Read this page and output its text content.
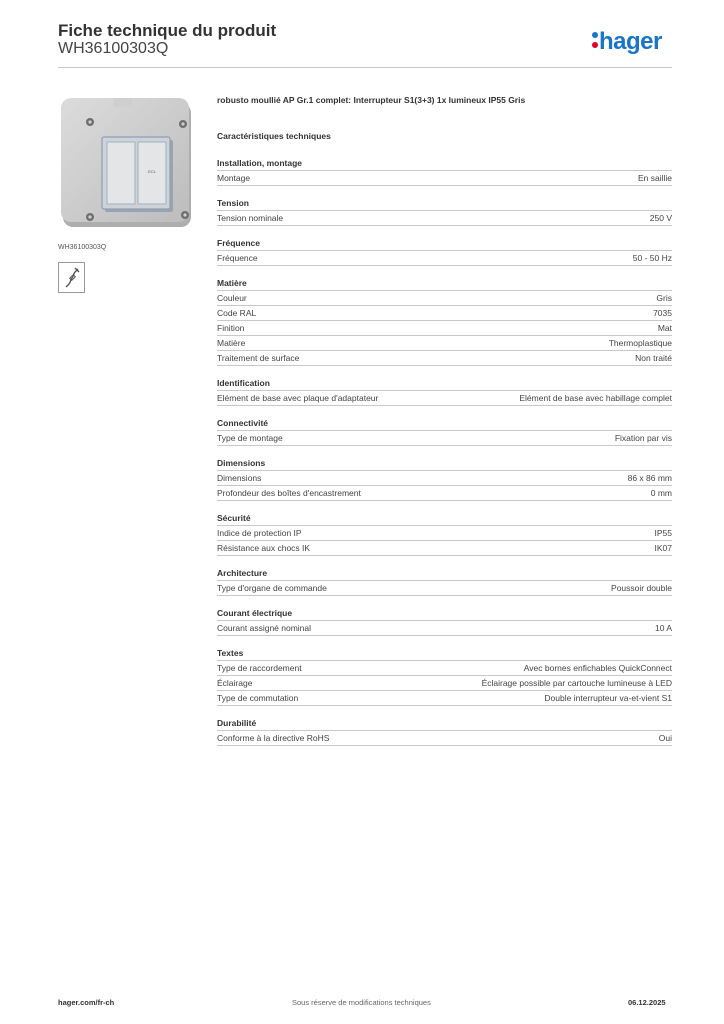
Fiche technique du produit
WH36100303Q	hager
ECL
WH36100303Q
robusto moullié AP Gr.1 complet: Interrupteur S1(3+3) 1x lumineux IP55 Gris
Caractéristiques techniques
Installation, montage
Montage	En saillie
Tension
Tension nominale	250 V
Fréquence
Fréquence	50 - 50 Hz
Matière
Couleur	Gris
Code RAL	7035
Finition	Mat
Matière	Thermoplastique
Traitement de surface	Non traité
Identification
Elément de base avec plaque d'adaptateur	Elément de base avec habillage complet
Connectivité
Type de montage	Fixation par vis
Dimensions
Dimensions	86 x 86 mm
Profondeur des boîtes d'encastrement	0 mm
Sécurité
Indice de protection IP	IP55
Résistance aux chocs IK	IK07
Architecture
Type d'organe de commande	Poussoir double
Courant électrique
Courant assigné nominal	10 A
Textes
Type de raccordement	Avec bornes enfichables QuickConnect
Éclairage	Éclairage possible par cartouche lumineuse à LED
Type de commutation	Double interrupteur va-et-vient S1
Durabilité
Conforme à la directive RoHS	Oui
hager.com/fr-ch	Sous réserve de modifications techniques	06.12.2025
